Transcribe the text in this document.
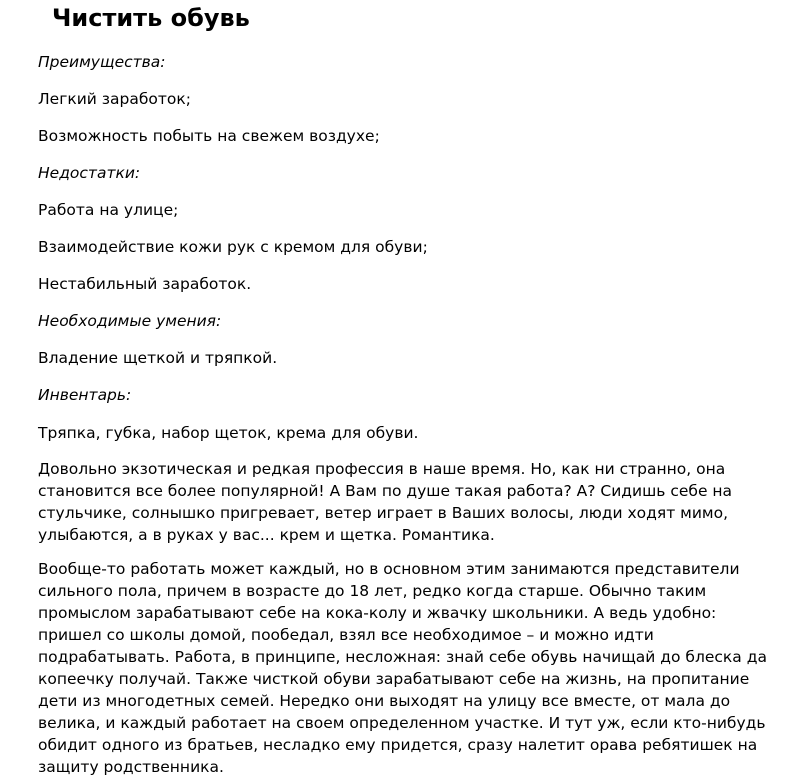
Чистить обувь

Преимущества:

Легкий заработок;

Возможность побыть на свежем воздухе;

Недостатки:

Работа на улице;

Взаимодействие кожи рук с кремом для обуви;

Нестабильный заработок.

Необходимые умения:

Владение щеткой и тряпкой.

Инвентарь:

Тряпка, губка, набор щеток, крема для обуви.

Довольно экзотическая и редкая профессия в наше время. Но, как ни странно, она
становится все более популярной! А Вам по душе такая работа? А? Сидишь себе на
стульчике, солнышко пригревает, ветер играет в Ваших волосы, люди ходят мимо,
улыбаются, а в руках у вас... крем и щетка. Романтика.
Вообще-то работать может каждый, но в основном этим занимаются представители
сильного пола, причем в возрасте до 18 лет, редко когда старше. Обычно таким
промыслом зарабатывают себе на кока-колу и жвачку школьники. А ведь удобно:
пришел со школы домой, пообедал, взял все необходимое – и можно идти
подрабатывать. Работа, в принципе, несложная: знай себе обувь начищай до блеска да
копеечку получай. Также чисткой обуви зарабатывают себе на жизнь, на пропитание
дети из многодетных семей. Нередко они выходят на улицу все вместе, от мала до
велика, и каждый работает на своем определенном участке. И тут уж, если кто-нибудь
обидит одного из братьев, несладко ему придется, сразу налетит орава ребятишек на
защиту родственника.
